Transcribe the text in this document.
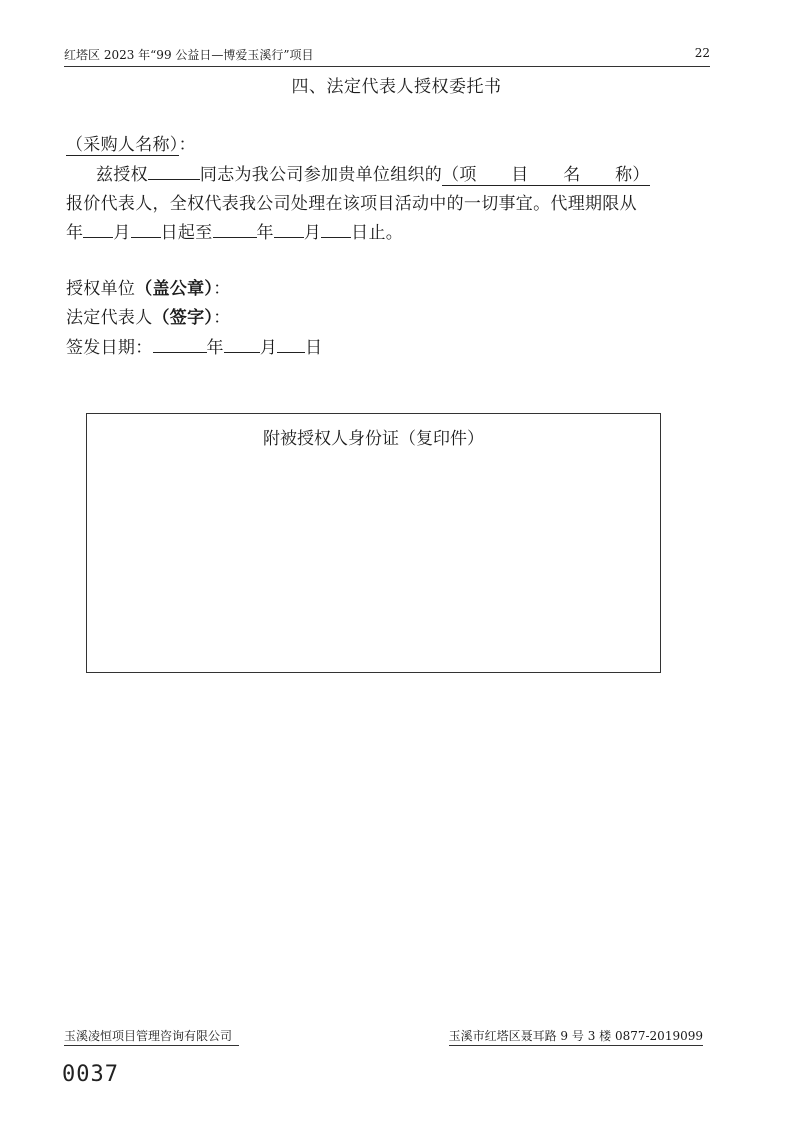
红塔区 2023 年“99 公益日—博爱玉溪行”项目	22
四、法定代表人授权委托书
（采购人名称）：
兹授权	同志为我公司参加贵单位组织的（项　　目　　名　　称）
报价代表人，全权代表我公司处理在该项目活动中的一切事宜。代理期限从
年 月 日起至	年 月 日止。
授权单位（盖公章）：
法定代表人（签字）：
签发日期：	年 月 日
附被授权人身份证（复印件）
玉溪凌恒项目管理咨询有限公司	玉溪市红塔区聂耳路 9 号 3 楼 0877-2019099
0037
